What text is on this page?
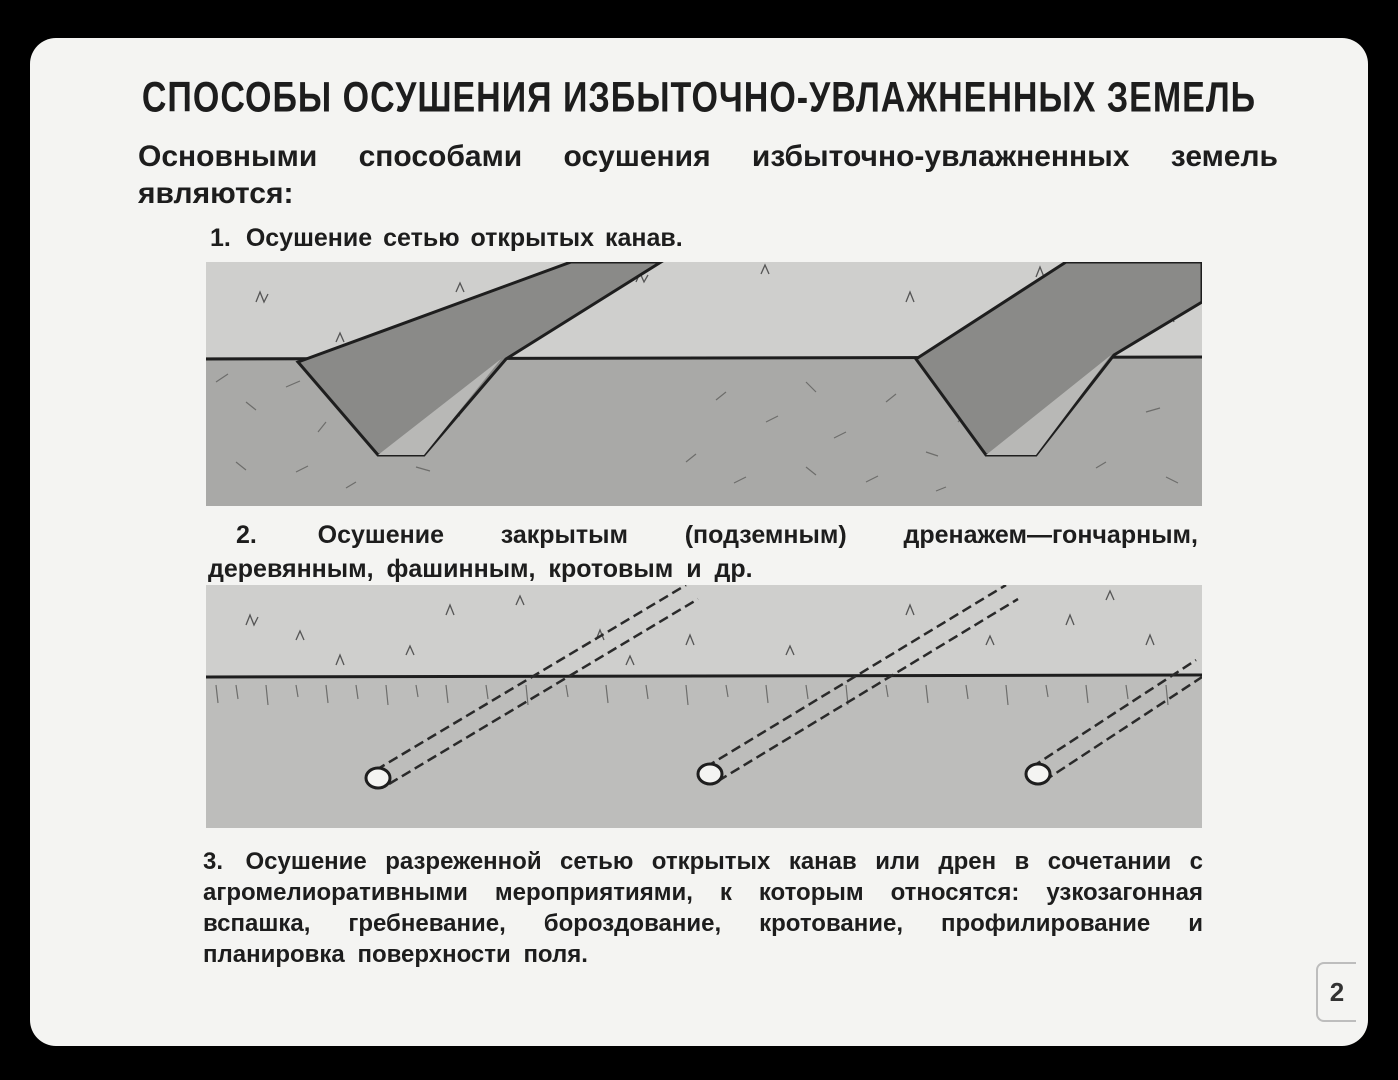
СПОСОБЫ ОСУШЕНИЯ ИЗБЫТОЧНО-УВЛАЖНЕННЫХ ЗЕМЕЛЬ
Основными способами осушения избыточно-увлажненных земель являются:
1. Осушение сетью открытых канав.
2. Осушение закрытым (подземным) дренажем—гончарным, деревянным, фашинным, кротовым и др.
3. Осушение разреженной сетью открытых канав или дрен в сочетании с агромелиоративными мероприятиями, к которым относятся: узкозагонная вспашка, гребневание, бороздование, кротование, профилирование и планировка поверхности поля.
2
